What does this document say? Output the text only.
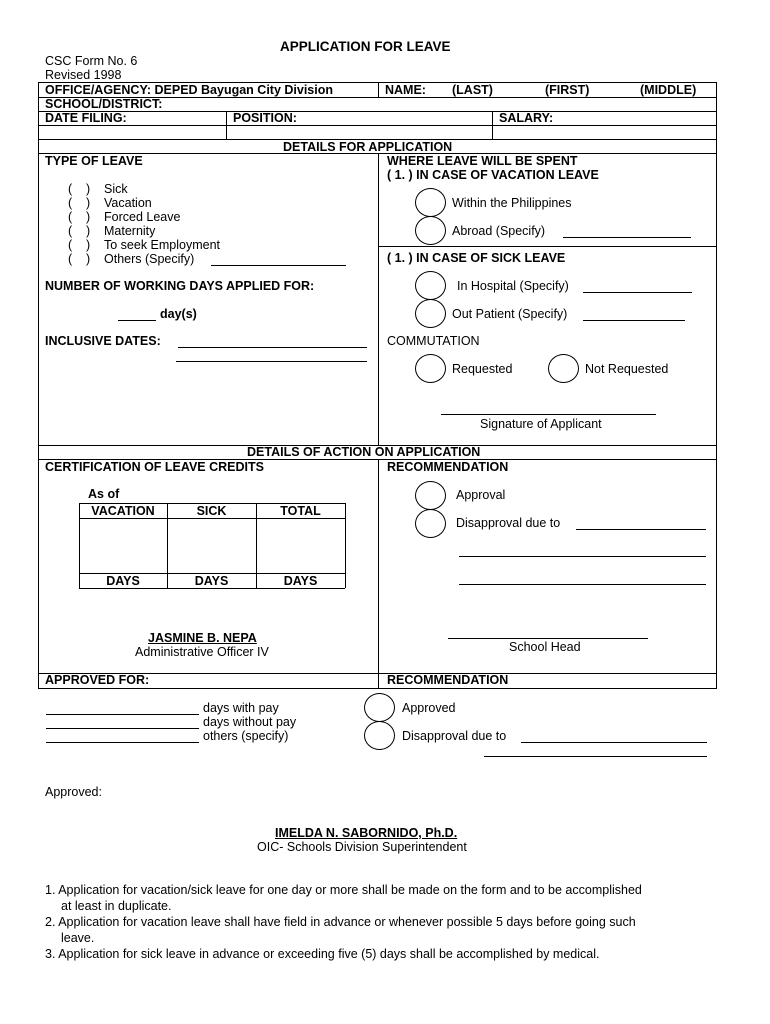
APPLICATION FOR LEAVE
CSC Form No. 6
Revised 1998
OFFICE/AGENCY: DEPED Bayugan City Division	NAME: (LAST)	(FIRST)	(MIDDLE)
SCHOOL/DISTRICT:
DATE FILING:	POSITION:	SALARY:
DETAILS FOR APPLICATION
TYPE OF LEAVE
(    ) Sick
(    ) Vacation
(    ) Forced Leave
(    ) Maternity
(    ) To seek Employment
(    ) Others (Specify)
NUMBER OF WORKING DAYS APPLIED FOR:
day(s)
INCLUSIVE DATES:
WHERE LEAVE WILL BE SPENT
( 1. ) IN CASE OF VACATION LEAVE
Within the Philippines
Abroad (Specify)
( 1. ) IN CASE OF SICK LEAVE
In Hospital (Specify)
Out Patient (Specify)
COMMUTATION
Requested	Not Requested
Signature of Applicant
DETAILS OF ACTION ON APPLICATION
CERTIFICATION OF LEAVE CREDITS	RECOMMENDATION
As of
VACATION	SICK	TOTAL
DAYS	DAYS	DAYS
JASMINE B. NEPA
Administrative Officer IV
Approval
Disapproval due to
School Head
APPROVED FOR:	RECOMMENDATION
days with pay
days without pay
others (specify)
Approved
Disapproval due to
Approved:
IMELDA N. SABORNIDO, Ph.D.
OIC- Schools Division Superintendent
1. Application for vacation/sick leave for one day or more shall be made on the form and to be accomplished
at least in duplicate.
2. Application for vacation leave shall have field in advance or whenever possible 5 days before going such
leave.
3. Application for sick leave in advance or exceeding five (5) days shall be accomplished by medical.
